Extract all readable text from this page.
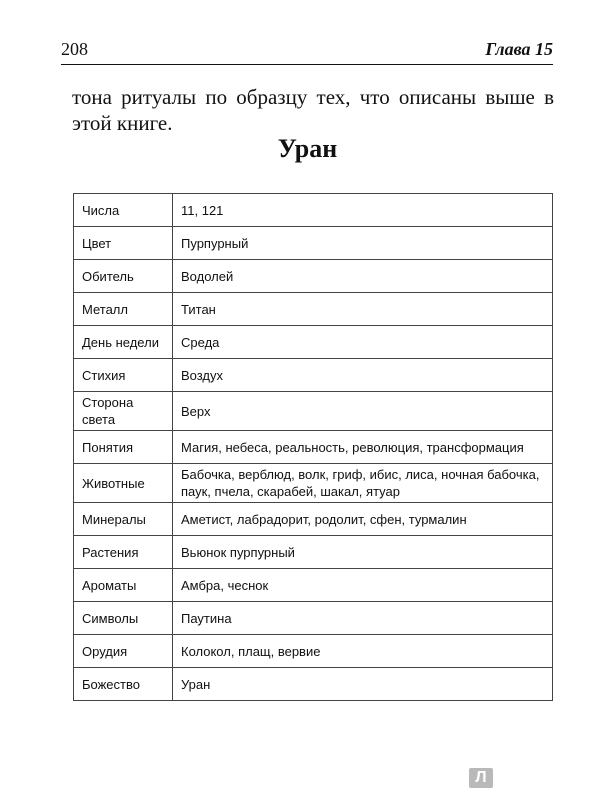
208	Глава 15
тона ритуалы по образцу тех, что описаны выше в этой книге.
Уран
Числа	11, 121
Цвет	Пурпурный
Обитель	Водолей
Металл	Титан
День недели	Среда
Стихия	Воздух
Сторона света	Верх
Понятия	Магия, небеса, реальность, революция, трансформация
Животные	Бабочка, верблюд, волк, гриф, ибис, лиса, ночная бабочка, паук, пчела, скарабей, шакал, ятуар
Минералы	Аметист, лабрадорит, родолит, сфен, турмалин
Растения	Вьюнок пурпурный
Ароматы	Амбра, чеснок
Символы	Паутина
Орудия	Колокол, плащ, вервие
Божество	Уран
Л
